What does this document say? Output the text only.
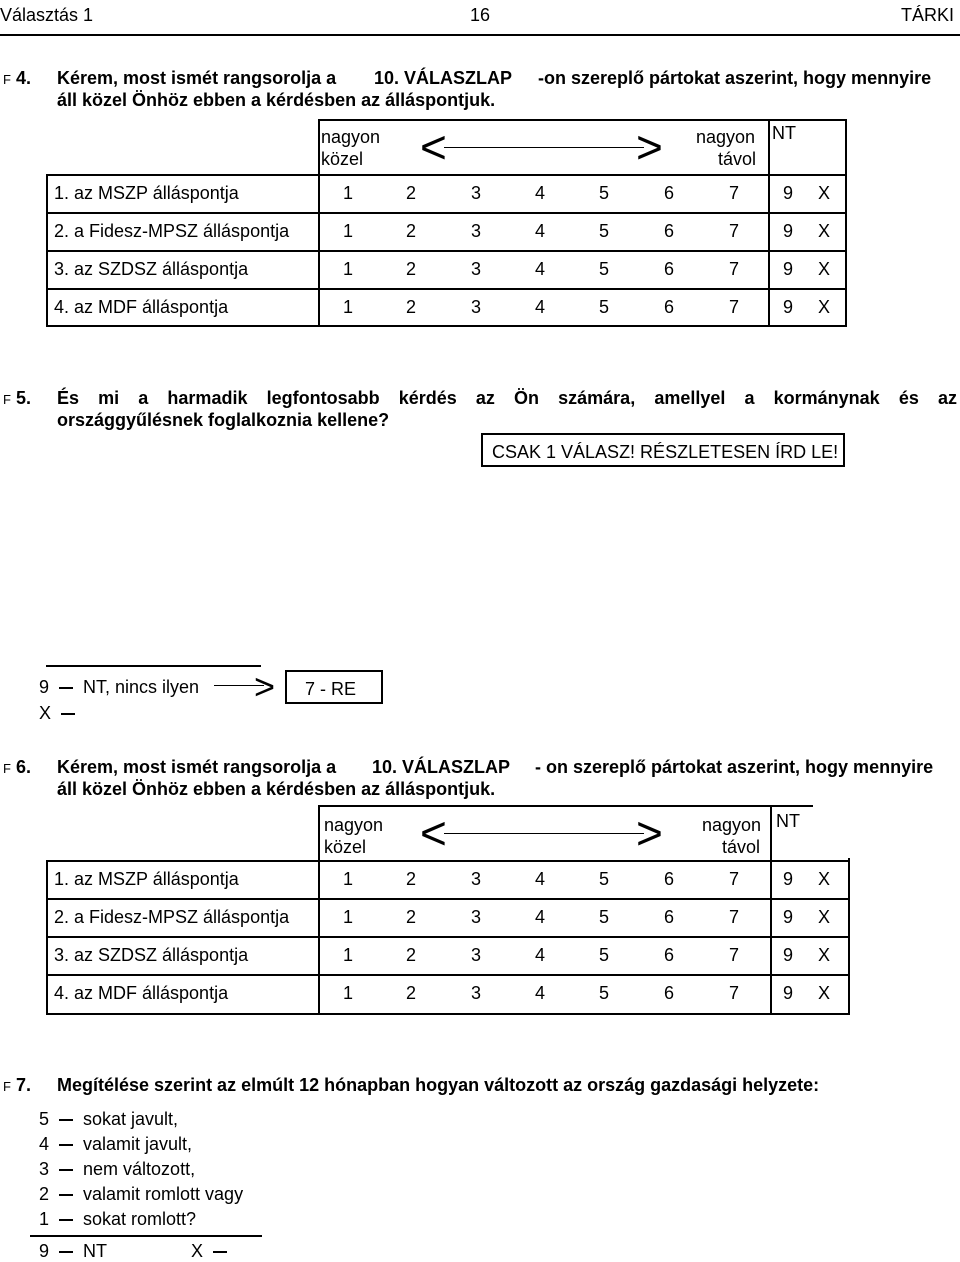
Választás 1	16	TÁRKI
F 4. Kérem, most ismét rangsorolja a 10. VÁLASZLAP -on szereplő pártokat aszerint, hogy mennyire
áll közel Önhöz ebben a kérdésben az álláspontjuk.
nagyon
közel <	> nagyon
távol
NT
1. az MSZP álláspontja	1	2	3	4	5	6	7 9 X
2. a Fidesz-MPSZ álláspontja	1	2	3	4	5	6	7 9 X
3. az SZDSZ álláspontja	1	2	3	4	5	6	7 9 X
4. az MDF álláspontja	1	2	3	4	5	6	7 9 X
F 5. És mi a harmadik legfontosabb kérdés az Ön számára, amellyel a kormánynak és az
országgyűlésnek foglalkoznia kellene?
CSAK 1 VÁLASZ! RÉSZLETESEN ÍRD LE!
9 NT, nincs ilyen > 7 - RE
X
F 6. Kérem, most ismét rangsorolja a 10. VÁLASZLAP - on szereplő pártokat aszerint, hogy mennyire
áll közel Önhöz ebben a kérdésben az álláspontjuk.
nagyon
közel <	> nagyon
távol
NT
1. az MSZP álláspontja	1	2	3	4	5	6	7 9 X
2. a Fidesz-MPSZ álláspontja	1	2	3	4	5	6	7 9 X
3. az SZDSZ álláspontja	1	2	3	4	5	6	7 9 X
4. az MDF álláspontja	1	2	3	4	5	6	7 9 X
F 7. Megítélése szerint az elmúlt 12 hónapban hogyan változott az ország gazdasági helyzete:
5 sokat javult,
4 valamit javult,
3 nem változott,
2 valamit romlott vagy
1 sokat romlott?
9 NT	X
